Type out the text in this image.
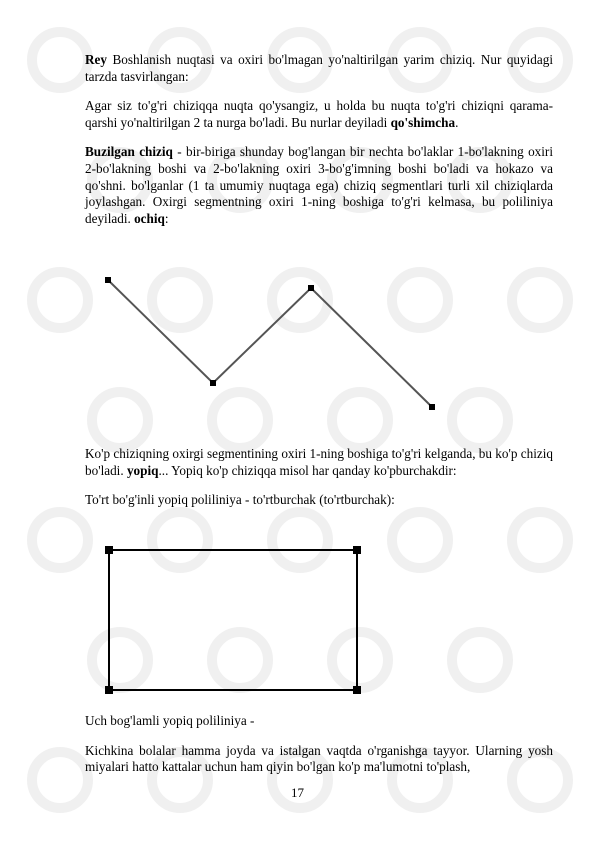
Rey Boshlanish nuqtasi va oxiri bo'lmagan yo'naltirilgan yarim chiziq. Nur quyidagi tarzda tasvirlangan:

Agar siz to'g'ri chiziqqa nuqta qo'ysangiz, u holda bu nuqta to'g'ri chiziqni qarama-qarshi yo'naltirilgan 2 ta nurga bo'ladi. Bu nurlar deyiladi qo'shimcha.

Buzilgan chiziq - bir-biriga shunday bog'langan bir nechta bo'laklar 1-bo'lakning oxiri 2-bo'lakning boshi va 2-bo'lakning oxiri 3-bo'g'imning boshi bo'ladi va hokazo va qo'shni. bo'lganlar (1 ta umumiy nuqtaga ega) chiziq segmentlari turli xil chiziqlarda joylashgan. Oxirgi segmentning oxiri 1-ning boshiga to'g'ri kelmasa, bu poliliniya deyiladi. ochiq:

Ko'p chiziqning oxirgi segmentining oxiri 1-ning boshiga to'g'ri kelganda, bu ko'p chiziq bo'ladi. yopiq... Yopiq ko'p chiziqqa misol har qanday ko'pburchakdir:

To'rt bo'g'inli yopiq poliliniya - to'rtburchak (to'rtburchak):

Uch bog'lamli yopiq poliliniya -

Kichkina bolalar hamma joyda va istalgan vaqtda o'rganishga tayyor. Ularning yosh miyalari hatto kattalar uchun ham qiyin bo'lgan ko'p ma'lumotni to'plash,

17
